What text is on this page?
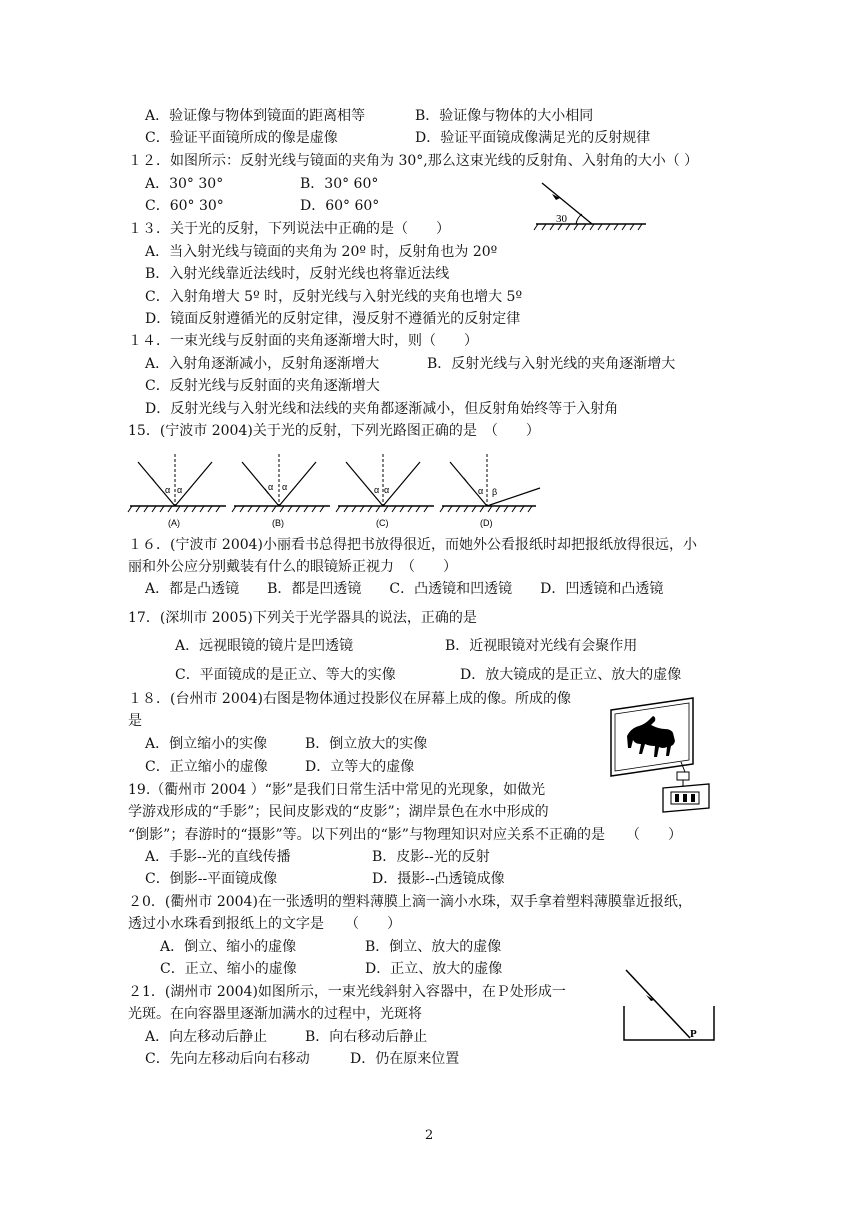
A．验证像与物体到镜面的距离相等	B．验证像与物体的大小相同
C．验证平面镜所成的像是虚像	D．验证平面镜成像满足光的反射规律
１２．如图所示：反射光线与镜面的夹角为 30°,那么这束光线的反射角、入射角的大小（ ）
A．30° 30°	B．30° 60°
C．60° 30°	D．60° 60°
30
１３．关于光的反射，下列说法中正确的是（　　）
A．当入射光线与镜面的夹角为 20º 时，反射角也为 20º
B．入射光线靠近法线时，反射光线也将靠近法线
C．入射角增大 5º 时，反射光线与入射光线的夹角也增大 5º
D．镜面反射遵循光的反射定律，漫反射不遵循光的反射定律
１４．一束光线与反射面的夹角逐渐增大时，则（　　）
A．入射角逐渐减小，反射角逐渐增大	B．反射光线与入射光线的夹角逐渐增大
C．反射光线与反射面的夹角逐渐增大
D．反射光线与入射光线和法线的夹角都逐渐减小，但反射角始终等于入射角
15．(宁波市 2004)关于光的反射，下列光路图正确的是　（　　）
α α
(A)
α α
(B)
α α
(C)
α β
(D)
１６．(宁波市 2004)小丽看书总得把书放得很近，而她外公看报纸时却把报纸放得很远，小
丽和外公应分别戴装有什么的眼镜矫正视力　（　　）
A．都是凸透镜　　B．都是凹透镜　　C．凸透镜和凹透镜　　D．凹透镜和凸透镜
17．(深圳市 2005)下列关于光学器具的说法，正确的是
A．远视眼镜的镜片是凹透镜	B．近视眼镜对光线有会聚作用
C．平面镜成的是正立、等大的实像	D．放大镜成的是正立、放大的虚像
１８．(台州市 2004)右图是物体通过投影仪在屏幕上成的像。所成的像
是
A．倒立缩小的实像	B．倒立放大的实像
C．正立缩小的虚像	D．立等大的虚像
19.（衢州市 2004 ）“影”是我们日常生活中常见的光现象，如做光
学游戏形成的“手影”；民间皮影戏的“皮影”；湖岸景色在水中形成的
“倒影”；春游时的“摄影”等。以下列出的“影”与物理知识对应关系不正确的是　　（　　）
A．手影--光的直线传播	B．皮影--光的反射
C．倒影--平面镜成像	D．摄影--凸透镜成像
２0．(衢州市 2004)在一张透明的塑料薄膜上滴一滴小水珠，双手拿着塑料薄膜靠近报纸，
透过小水珠看到报纸上的文字是　　（　　）
A．倒立、缩小的虚像	B．倒立、放大的虚像
C．正立、缩小的虚像	D．正立、放大的虚像
２1．(湖州市 2004)如图所示，一束光线斜射入容器中，在Ｐ处形成一
光斑。在向容器里逐渐加满水的过程中，光斑将
A．向左移动后静止	B．向右移动后静止
C．先向左移动后向右移动	D．仍在原来位置
P
2
